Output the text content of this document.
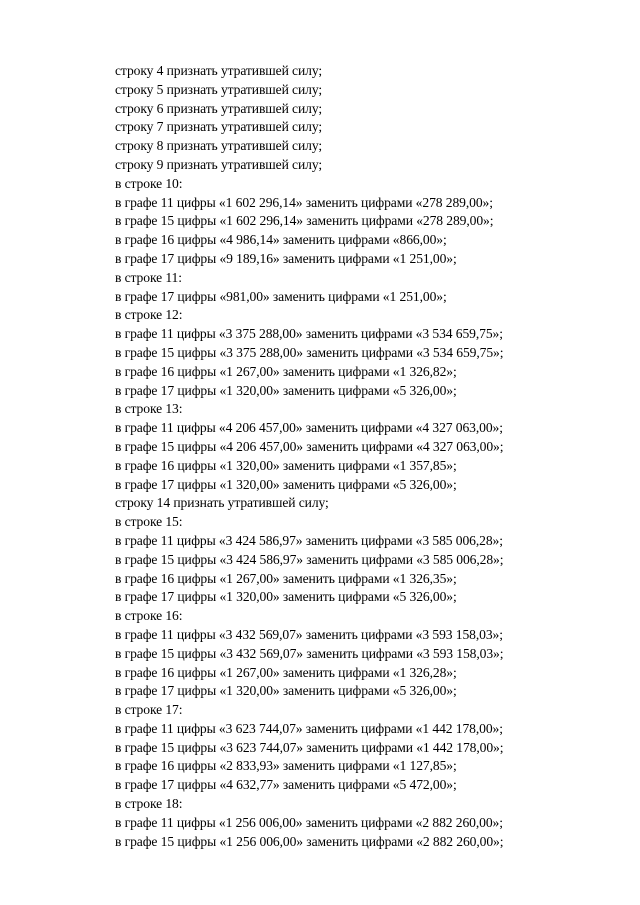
строку 4 признать утратившей силу;
строку 5 признать утратившей силу;
строку 6 признать утратившей силу;
строку 7 признать утратившей силу;
строку 8 признать утратившей силу;
строку 9 признать утратившей силу;
в строке 10:
в графе 11 цифры «1 602 296,14» заменить цифрами «278 289,00»;
в графе 15 цифры «1 602 296,14» заменить цифрами «278 289,00»;
в графе 16 цифры «4 986,14» заменить цифрами «866,00»;
в графе 17 цифры «9 189,16» заменить цифрами «1 251,00»;
в строке 11:
в графе 17 цифры «981,00» заменить цифрами «1 251,00»;
в строке 12:
в графе 11 цифры «3 375 288,00» заменить цифрами «3 534 659,75»;
в графе 15 цифры «3 375 288,00» заменить цифрами «3 534 659,75»;
в графе 16 цифры «1 267,00» заменить цифрами «1 326,82»;
в графе 17 цифры «1 320,00» заменить цифрами «5 326,00»;
в строке 13:
в графе 11 цифры «4 206 457,00» заменить цифрами «4 327 063,00»;
в графе 15 цифры «4 206 457,00» заменить цифрами «4 327 063,00»;
в графе 16 цифры «1 320,00» заменить цифрами «1 357,85»;
в графе 17 цифры «1 320,00» заменить цифрами «5 326,00»;
строку 14 признать утратившей силу;
в строке 15:
в графе 11 цифры «3 424 586,97» заменить цифрами «3 585 006,28»;
в графе 15 цифры «3 424 586,97» заменить цифрами «3 585 006,28»;
в графе 16 цифры «1 267,00» заменить цифрами «1 326,35»;
в графе 17 цифры «1 320,00» заменить цифрами «5 326,00»;
в строке 16:
в графе 11 цифры «3 432 569,07» заменить цифрами «3 593 158,03»;
в графе 15 цифры «3 432 569,07» заменить цифрами «3 593 158,03»;
в графе 16 цифры «1 267,00» заменить цифрами «1 326,28»;
в графе 17 цифры «1 320,00» заменить цифрами «5 326,00»;
в строке 17:
в графе 11 цифры «3 623 744,07» заменить цифрами «1 442 178,00»;
в графе 15 цифры «3 623 744,07» заменить цифрами «1 442 178,00»;
в графе 16 цифры «2 833,93» заменить цифрами «1 127,85»;
в графе 17 цифры «4 632,77» заменить цифрами «5 472,00»;
в строке 18:
в графе 11 цифры «1 256 006,00» заменить цифрами «2 882 260,00»;
в графе 15 цифры «1 256 006,00» заменить цифрами «2 882 260,00»;
